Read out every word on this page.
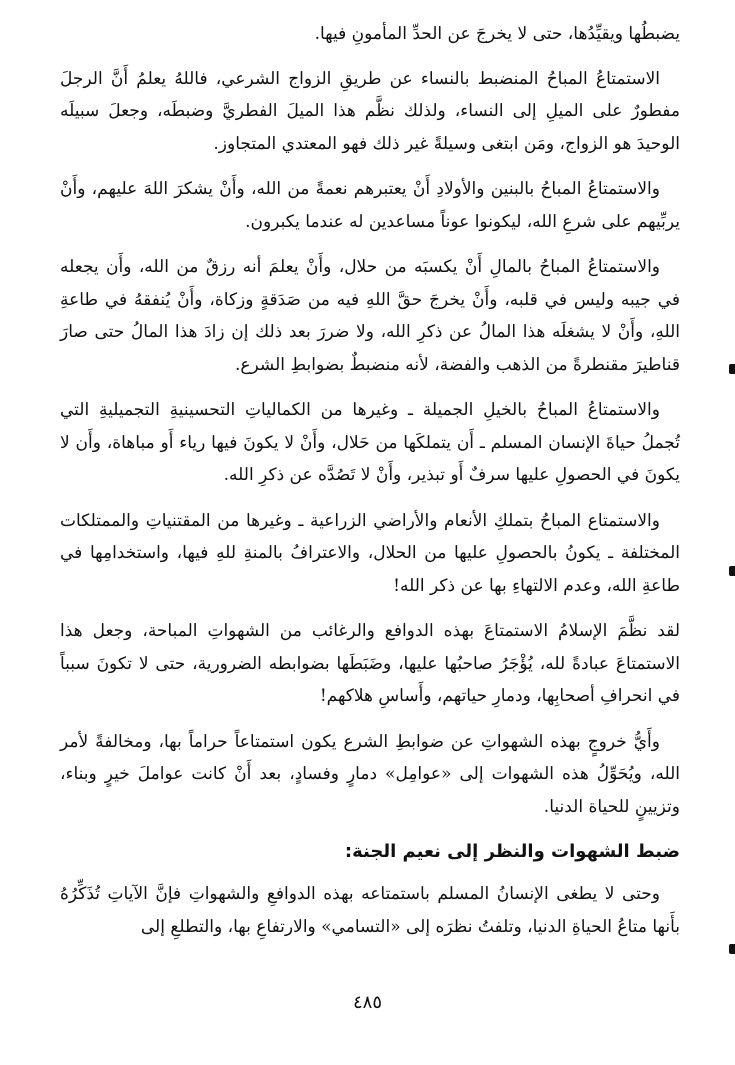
يضبطُها ويقيِّدُها، حتى لا يخرجَ عن الحدِّ المأمونِ فيها.

الاستمتاعُ المباحُ المنضبط بالنساء عن طريقِ الزواج الشرعي، فاللهُ يعلمُ أَنَّ الرجلَ مفطورٌ على الميلِ إلى النساء، ولذلك نظَّم هذا الميلَ الفطريَّ وضبطَه، وجعلَ سبيلَه الوحيدَ هو الزواج، ومَن ابتغى وسيلةً غير ذلك فهو المعتدي المتجاوز.

والاستمتاعُ المباحُ بالبنين والأولادِ أَنْ يعتبرهم نعمةً من الله، وأَنْ يشكرَ اللهَ عليهم، وأَنْ يربِّيهم على شرعِ الله، ليكونوا عوناً مساعدين له عندما يكبرون.

والاستمتاعُ المباحُ بالمالِ أَنْ يكسبَه من حلال، وأَنْ يعلمَ أنه رزقٌ من الله، وأَن يجعله في جيبه وليس في قلبه، وأَنْ يخرجَ حقَّ اللهِ فيه من صَدَقةٍ وزكاة، وأَنْ يُنفقهُ في طاعةِ اللهِ، وأَنْ لا يشغلَه هذا المالُ عن ذكرِ الله، ولا ضررَ بعد ذلك إن زادَ هذا المالُ حتى صارَ قناطيرَ مقنطرةً من الذهب والفضة، لأنه منضبطٌ بضوابطِ الشرع.

والاستمتاعُ المباحُ بالخيلِ الجميلة ـ وغيرها من الكمالياتِ التحسينيةِ التجميليةِ التي تُجملُ حياةَ الإنسان المسلم ـ أَن يتملكَها من حَلال، وأَنْ لا يكونَ فيها رياء أَو مباهاة، وأَن لا يكونَ في الحصولِ عليها سرفٌ أَو تبذير، وأَنْ لا تَصُدَّه عن ذكرِ الله.

والاستمتاع المباحُ بتملكِ الأنعام والأراضي الزراعية ـ وغيرها من المقتنياتِ والممتلكات المختلفة ـ يكونُ بالحصولِ عليها من الحلال، والاعترافُ بالمنةِ للهِ فيها، واستخدامِها في طاعةِ الله، وعدم الالتهاءِ بها عن ذكر الله!

لقد نظَّمَ الإسلامُ الاستمتاعَ بهذه الدوافع والرغائب من الشهواتِ المباحة، وجعل هذا الاستمتاعَ عبادةً لله، يُؤْجَرُ صاحبُها عليها، وضَبَطَها بضوابطه الضرورية، حتى لا تكونَ سبباً في انحرافِ أصحابِها، ودمارِ حياتهم، وأَساسِ هلاكهم!

وأَيُّ خروجٍ بهذه الشهواتِ عن ضوابطِ الشرع يكون استمتاعاً حراماً بها، ومخالفةً لأمر الله، ويُحَوِّلُ هذه الشهوات إلى «عوامِل» دمارٍ وفسادٍ، بعد أَنْ كانت عواملَ خيرٍ وبناء، وتزيينٍ للحياة الدنيا.

ضبط الشهوات والنظر إلى نعيم الجنة:

وحتى لا يطغى الإنسانُ المسلم باستمتاعه بهذه الدوافعِ والشهواتِ فإنَّ الآياتِ تُذَكِّرُهُ بأَنها متاعُ الحياةِ الدنيا، وتلفتُ نظرَه إلى «التسامي» والارتفاعِ بها، والتطلعِ إلى

٤٨٥
